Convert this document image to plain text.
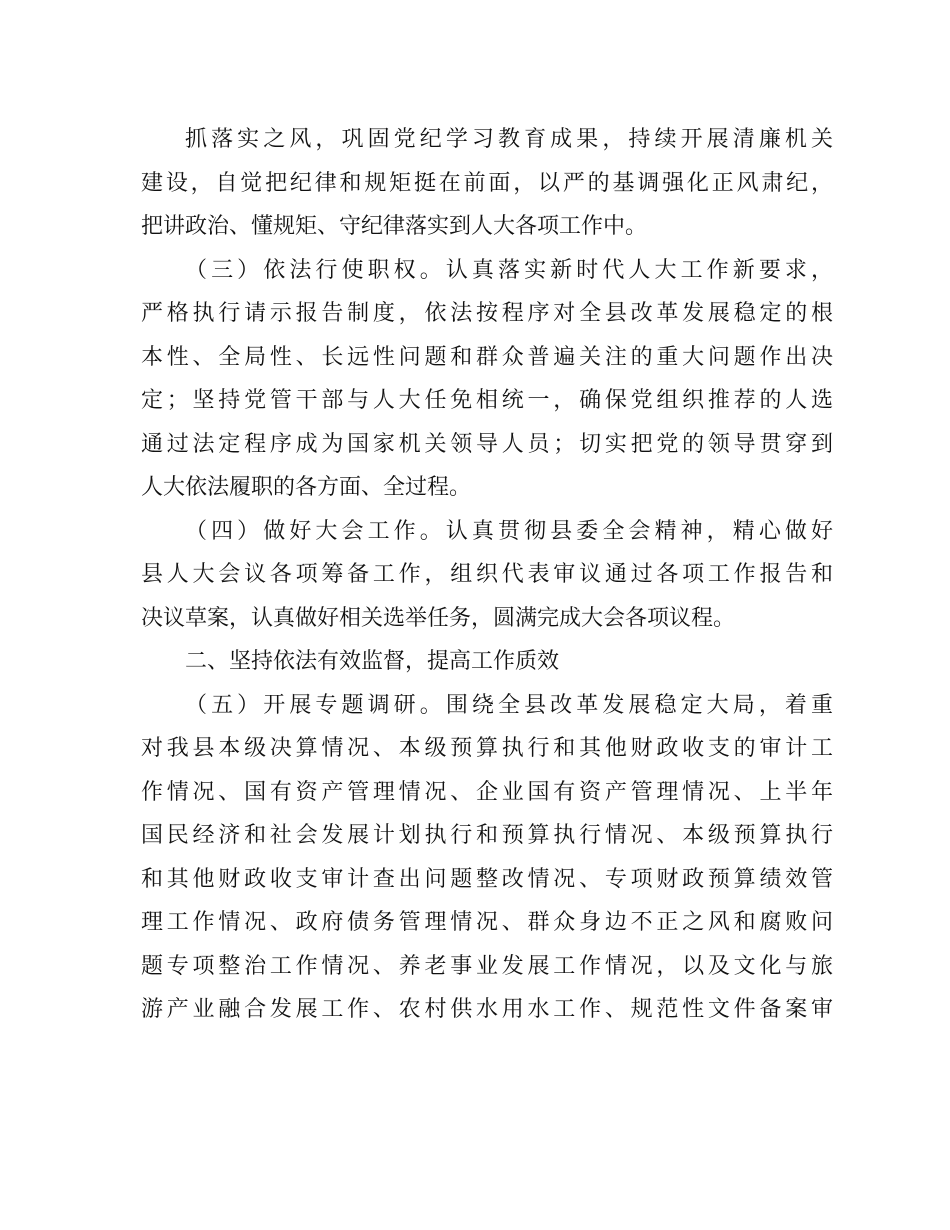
抓落实之风，巩固党纪学习教育成果，持续开展清廉机关
建设，自觉把纪律和规矩挺在前面，以严的基调强化正风肃纪，
把讲政治、懂规矩、守纪律落实到人大各项工作中。
（三）依法行使职权。认真落实新时代人大工作新要求，
严格执行请示报告制度，依法按程序对全县改革发展稳定的根
本性、全局性、长远性问题和群众普遍关注的重大问题作出决
定；坚持党管干部与人大任免相统一，确保党组织推荐的人选
通过法定程序成为国家机关领导人员；切实把党的领导贯穿到
人大依法履职的各方面、全过程。
（四）做好大会工作。认真贯彻县委全会精神，精心做好
县人大会议各项筹备工作，组织代表审议通过各项工作报告和
决议草案，认真做好相关选举任务，圆满完成大会各项议程。
二、坚持依法有效监督，提高工作质效
（五）开展专题调研。围绕全县改革发展稳定大局，着重
对我县本级决算情况、本级预算执行和其他财政收支的审计工
作情况、国有资产管理情况、企业国有资产管理情况、上半年
国民经济和社会发展计划执行和预算执行情况、本级预算执行
和其他财政收支审计查出问题整改情况、专项财政预算绩效管
理工作情况、政府债务管理情况、群众身边不正之风和腐败问
题专项整治工作情况、养老事业发展工作情况，以及文化与旅
游产业融合发展工作、农村供水用水工作、规范性文件备案审
